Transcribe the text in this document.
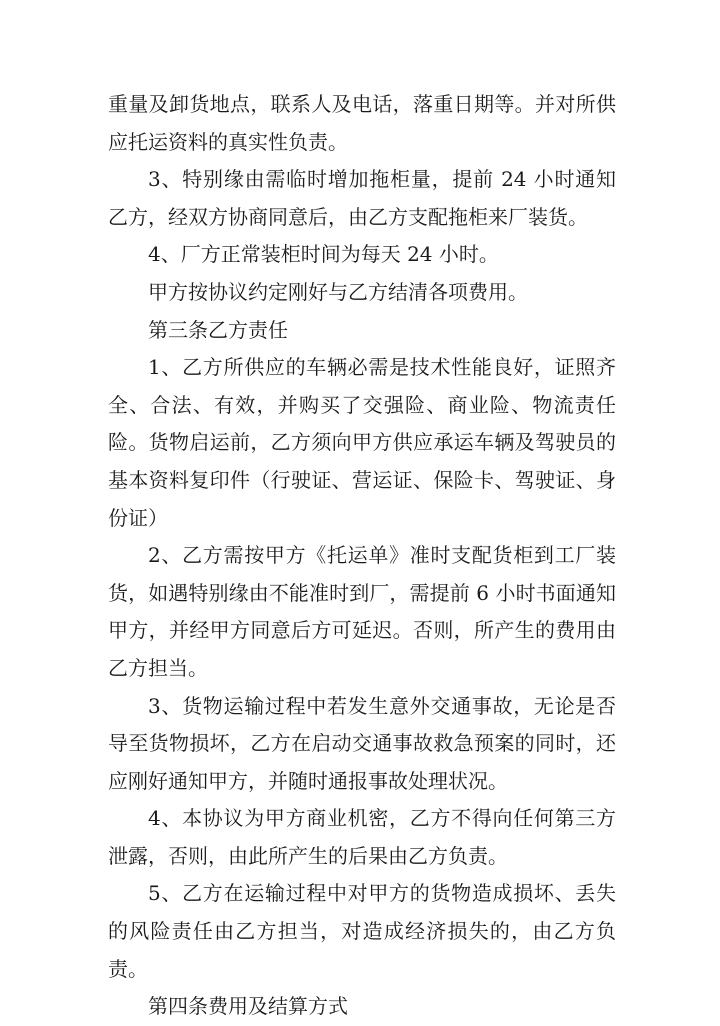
重量及卸货地点，联系人及电话，落重日期等。并对所供应托运资料的真实性负责。

3、特别缘由需临时增加拖柜量，提前 24 小时通知乙方，经双方协商同意后，由乙方支配拖柜来厂装货。

4、厂方正常装柜时间为每天 24 小时。

甲方按协议约定刚好与乙方结清各项费用。

第三条乙方责任

1、乙方所供应的车辆必需是技术性能良好，证照齐全、合法、有效，并购买了交强险、商业险、物流责任险。货物启运前，乙方须向甲方供应承运车辆及驾驶员的基本资料复印件（行驶证、营运证、保险卡、驾驶证、身份证）

2、乙方需按甲方《托运单》准时支配货柜到工厂装货，如遇特别缘由不能准时到厂，需提前 6 小时书面通知甲方，并经甲方同意后方可延迟。否则，所产生的费用由乙方担当。

3、货物运输过程中若发生意外交通事故，无论是否导至货物损坏，乙方在启动交通事故救急预案的同时，还应刚好通知甲方，并随时通报事故处理状况。

4、本协议为甲方商业机密，乙方不得向任何第三方泄露，否则，由此所产生的后果由乙方负责。

5、乙方在运输过程中对甲方的货物造成损坏、丢失的风险责任由乙方担当，对造成经济损失的，由乙方负责。

第四条费用及结算方式
